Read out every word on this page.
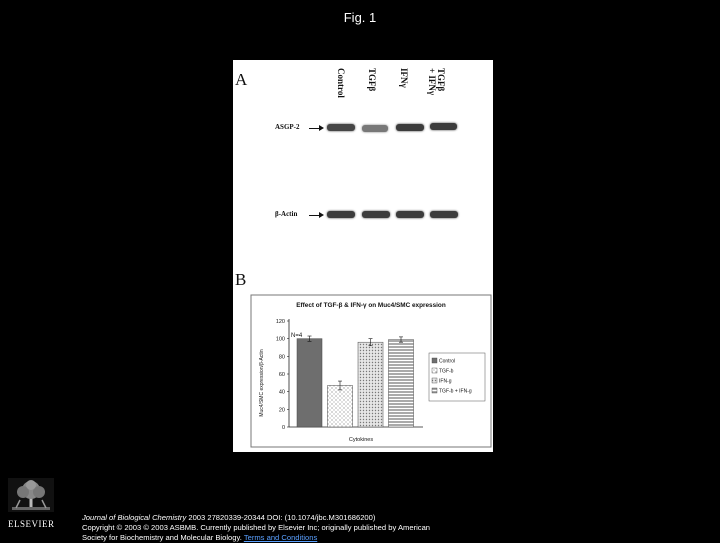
Fig. 1
A	Control TGFβ IFNγ	TGFβ
+ IFNγ
ASGP-2
β-Actin
B
Effect of TGF-β & IFN-γ on Muc4/SMC expression
N=4
Cytokines
Muc4/SMC expression/β-Actin
0
20
40
60
80
100
120
Control
TGF-b
IFN-g
TGF-b + IFN-g
ELSEVIER
Journal of Biological Chemistry 2003 27820339-20344 DOI: (10.1074/jbc.M301686200)
Copyright © 2003 © 2003 ASBMB. Currently published by Elsevier Inc; originally published by American
Society for Biochemistry and Molecular Biology. Terms and Conditions
